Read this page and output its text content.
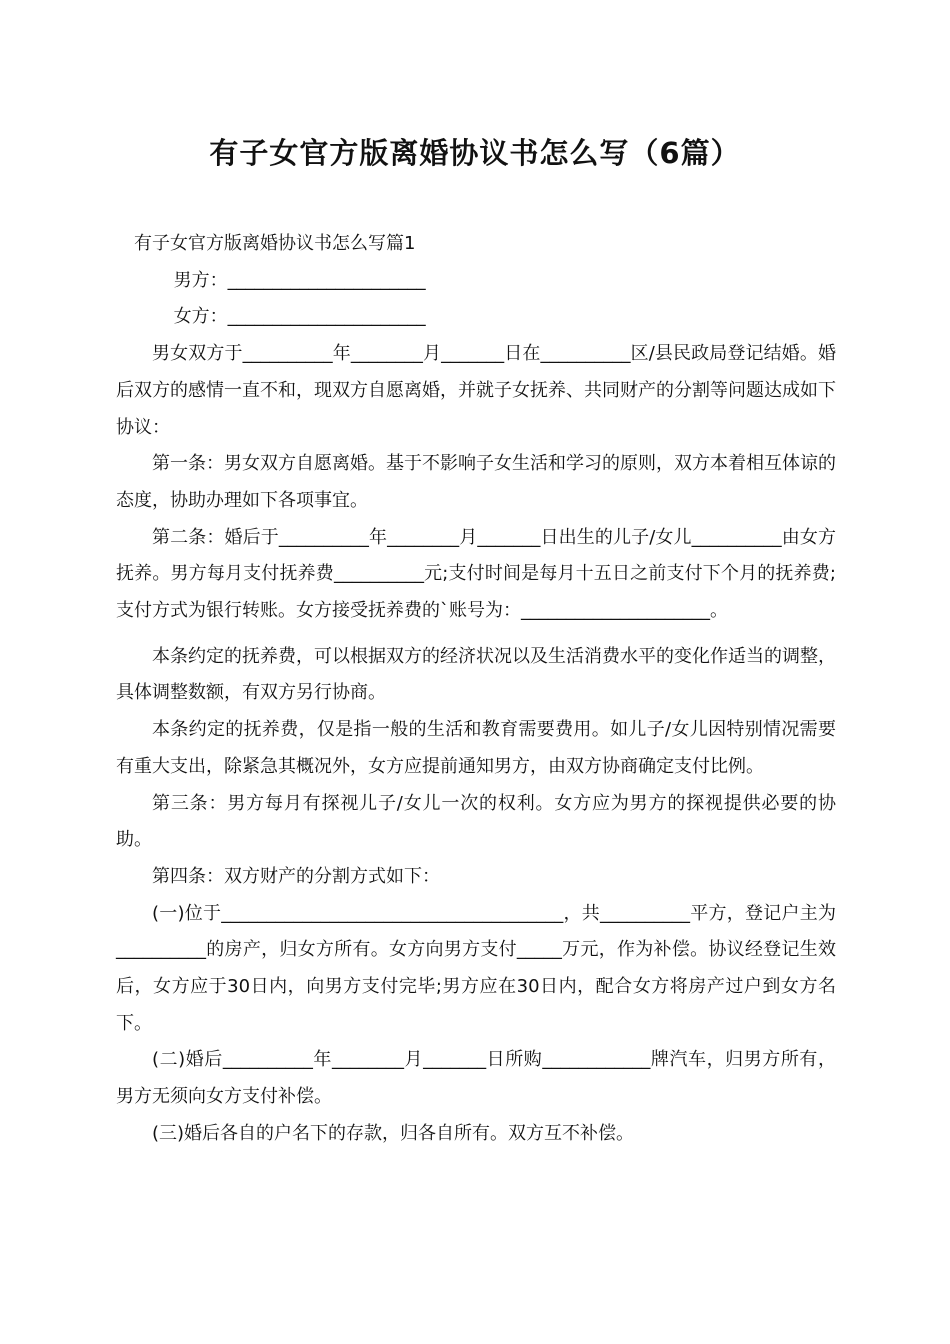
有子女官方版离婚协议书怎么写（6篇）

有子女官方版离婚协议书怎么写篇1

男方：______________________

女方：______________________

男女双方于__________年________月_______日在__________区/县民政局登记结婚。婚后双方的感情一直不和，现双方自愿离婚，并就子女抚养、共同财产的分割等问题达成如下协议：

第一条：男女双方自愿离婚。基于不影响子女生活和学习的原则，双方本着相互体谅的态度，协助办理如下各项事宜。

第二条：婚后于__________年________月_______日出生的儿子/女儿__________由女方抚养。男方每月支付抚养费__________元;支付时间是每月十五日之前支付下个月的抚养费;支付方式为银行转账。女方接受抚养费的`账号为：_____________________。

本条约定的抚养费，可以根据双方的经济状况以及生活消费水平的变化作适当的调整，具体调整数额，有双方另行协商。

本条约定的抚养费，仅是指一般的生活和教育需要费用。如儿子/女儿因特别情况需要有重大支出，除紧急其概况外，女方应提前通知男方，由双方协商确定支付比例。

第三条：男方每月有探视儿子/女儿一次的权利。女方应为男方的探视提供必要的协助。

第四条：双方财产的分割方式如下：

(一)位于______________________________________，共__________平方，登记户主为__________的房产，归女方所有。女方向男方支付_____万元，作为补偿。协议经登记生效后，女方应于30日内，向男方支付完毕;男方应在30日内，配合女方将房产过户到女方名下。

(二)婚后__________年________月_______日所购____________牌汽车，归男方所有，男方无须向女方支付补偿。

(三)婚后各自的户名下的存款，归各自所有。双方互不补偿。
